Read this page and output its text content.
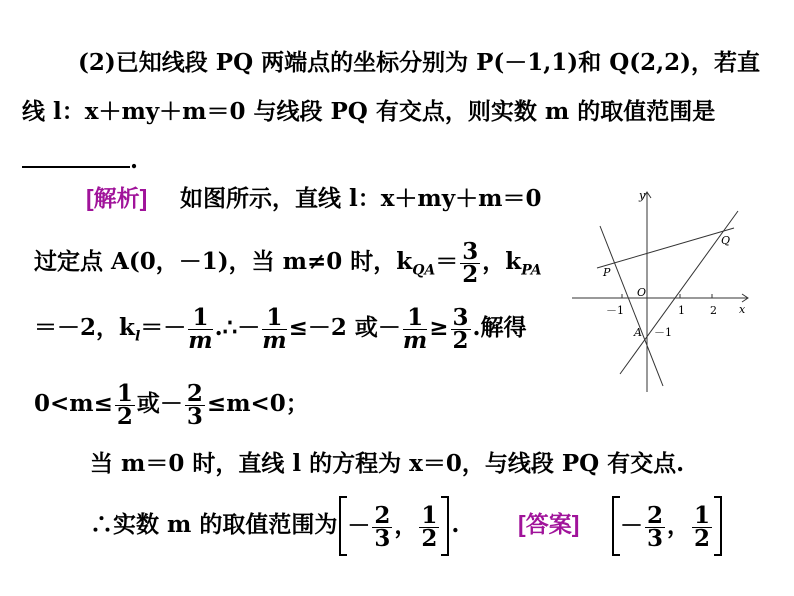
(2)已知线段 PQ 两端点的坐标分别为 P(－1,1)和 Q(2,2)，若直
线 l：x＋my＋m＝0 与线段 PQ 有交点，则实数 m 的取值范围是
.
[解析] 如图所示，直线 l：x＋my＋m＝0
过定点 A(0，－1)，当 m≠0 时，$k_{QA}= \frac{3}{2}$ ，$k_{PA}$
＝－2，$k_l=- \frac{1}{m}$ .∴－ $\frac{1}{m} \le-2$ 或－ $\frac{1}{m} \ge \frac{3}{2}$ .解得
$0<m\le \frac{1}{2}$ 或－ $\frac{2}{3} \le m<0$；
当 m＝0 时，直线 l 的方程为 x＝0，与线段 PQ 有交点.
∴实数 m 的取值范围为 － $\frac{2}{3}$ ， $\frac{1}{2}$ .	[答案] － $\frac{2}{3}$ ， $\frac{1}{2}$
y
x
O
P
Q
A
－1	1 2
－1
